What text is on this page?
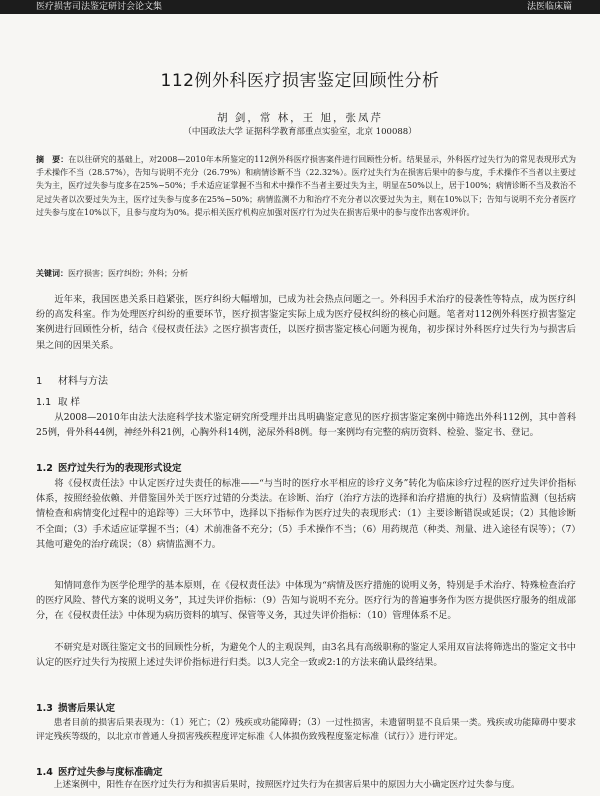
医疗损害司法鉴定研讨会论文集	法医临床篇
112例外科医疗损害鉴定回顾性分析
胡 剑，常 林，王 旭，张凤芹
（中国政法大学 证据科学教育部重点实验室，北京 100088）
摘　要：在以往研究的基础上，对2008—2010年本所鉴定的112例外科医疗损害案件进行回顾性分析。结果显示，外科医疗过失行为的常见表现形式为手术操作不当（28.57%），告知与说明不充分（26.79%）和病情诊断不当（22.32%）。医疗过失行为在损害后果中的参与度，手术操作不当者以主要过失为主，医疗过失参与度多在25%~50%；手术适应证掌握不当和术中操作不当者主要过失为主，明显在50%以上，居于100%；病情诊断不当及救治不足过失者以次要过失为主，医疗过失参与度多在25%~50%；病情监测不力和治疗不充分者以次要过失为主，则在10%以下；告知与说明不充分者医疗过失参与度在10%以下，且参与度均为0%。提示相关医疗机构应加强对医疗行为过失在损害后果中的参与度作出客观评价。
关键词：医疗损害；医疗纠纷；外科；分析
近年来，我国医患关系日趋紧张，医疗纠纷大幅增加，已成为社会热点问题之一。外科因手术治疗的侵袭性等特点，成为医疗纠纷的高发科室。作为处理医疗纠纷的重要环节，医疗损害鉴定实际上成为医疗侵权纠纷的核心问题。笔者对112例外科医疗损害鉴定案例进行回顾性分析，结合《侵权责任法》之医疗损害责任，以医疗损害鉴定核心问题为视角，初步探讨外科医疗过失行为与损害后果之间的因果关系。
1 材料与方法
1.1 取 样
从2008—2010年由法大法庭科学技术鉴定研究所受理并出具明确鉴定意见的医疗损害鉴定案例中筛选出外科112例，其中普科25例，骨外科44例，神经外科21例，心胸外科14例，泌尿外科8例。每一案例均有完整的病历资料、检验、鉴定书、登记。
1.2 医疗过失行为的表现形式设定
将《侵权责任法》中认定医疗过失责任的标准——“与当时的医疗水平相应的诊疗义务”转化为临床诊疗过程的医疗过失评价指标体系，按照经验依赖、并借鉴国外关于医疗过错的分类法。在诊断、治疗（治疗方法的选择和治疗措施的执行）及病情监测（包括病情检查和病情变化过程中的追踪等）三大环节中，选择以下指标作为医疗过失的表现形式：（1）主要诊断错误或延误；（2）其他诊断不全面；（3）手术适应证掌握不当；（4）术前准备不充分；（5）手术操作不当；（6）用药规范（种类、剂量、进入途径有误等）；（7）其他可避免的治疗疏误；（8）病情监测不力。
知情同意作为医学伦理学的基本原则，在《侵权责任法》中体现为“病情及医疗措施的说明义务，特别是手术治疗、特殊检查治疗的医疗风险、替代方案的说明义务”，其过失评价指标：（9）告知与说明不充分。医疗行为的普遍事务作为医方提供医疗服务的组成部分，在《侵权责任法》中体现为病历资料的填写、保管等义务，其过失评价指标：（10）管理体系不足。
不研究是对既往鉴定文书的回顾性分析，为避免个人的主观误判，由3名具有高级职称的鉴定人采用双盲法将筛选出的鉴定文书中认定的医疗过失行为按照上述过失评价指标进行归类。以3人完全一致或2:1的方法来确认最终结果。
1.3 损害后果认定
患者目前的损害后果表现为：（1）死亡；（2）残疾或功能障碍；（3）一过性损害，未遗留明显不良后果一类。残疾或功能障碍中要求评定残疾等级的，以北京市普通人身损害残疾程度评定标准《人体损伤致残程度鉴定标准（试行）》进行评定。
1.4 医疗过失参与度标准确定
上述案例中，阳性存在医疗过失行为和损害后果时，按照医疗过失行为在损害后果中的原因力大小确定医疗过失参与度。
